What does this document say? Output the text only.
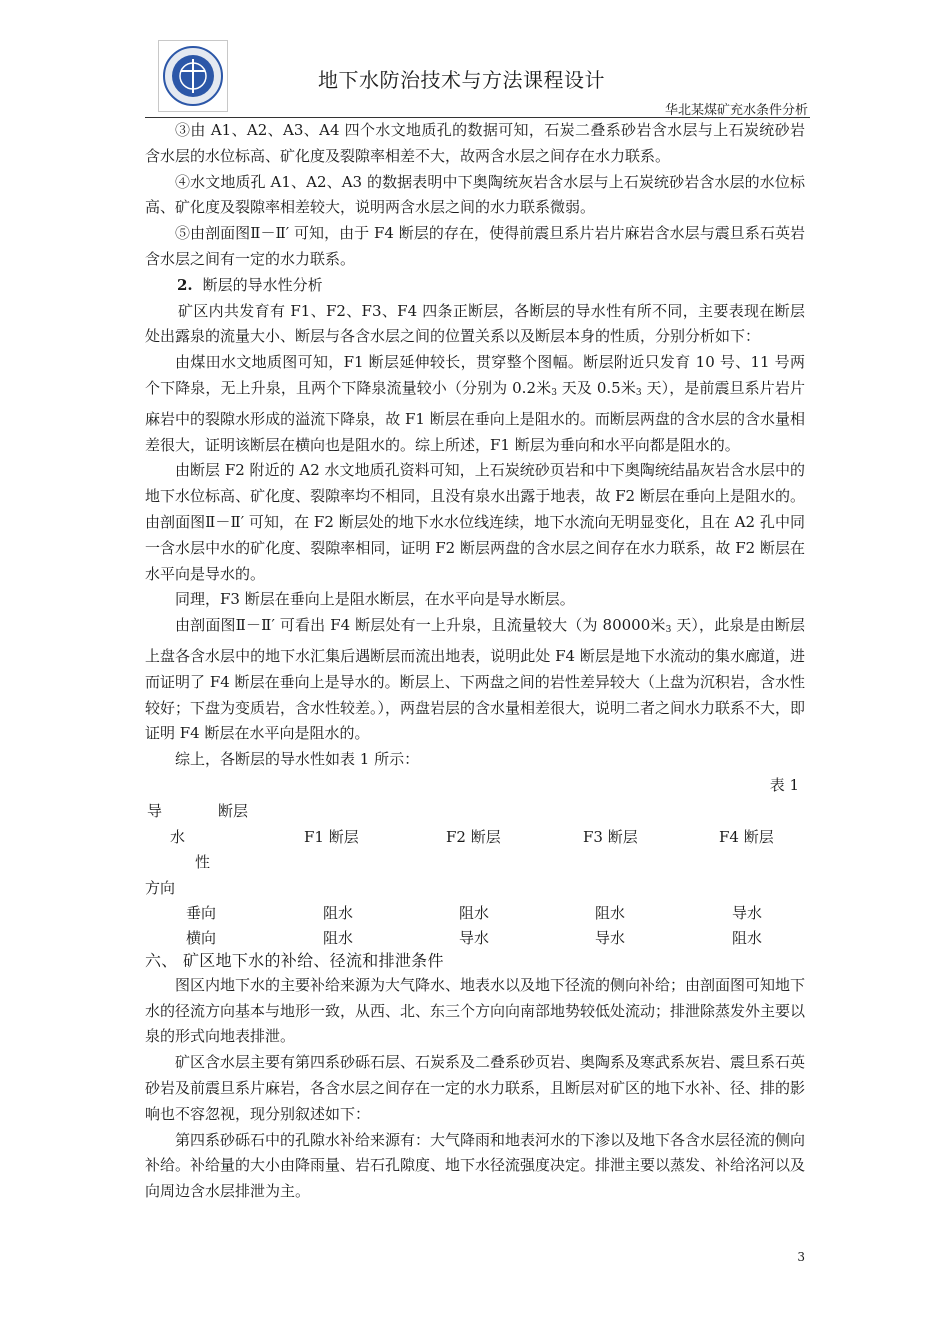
地下水防治技术与方法课程设计
华北某煤矿充水条件分析

③由 A1、A2、A3、A4 四个水文地质孔的数据可知，石炭二叠系砂岩含水层与上石炭统砂岩含水层的水位标高、矿化度及裂隙率相差不大，故两含水层之间存在水力联系。

④水文地质孔 A1、A2、A3 的数据表明中下奥陶统灰岩含水层与上石炭统砂岩含水层的水位标高、矿化度及裂隙率相差较大，说明两含水层之间的水力联系微弱。

⑤由剖面图Ⅱ－Ⅱ′ 可知，由于 F4 断层的存在，使得前震旦系片岩片麻岩含水层与震旦系石英岩含水层之间有一定的水力联系。

2. 断层的导水性分析

矿区内共发育有 F1、F2、F3、F4 四条正断层，各断层的导水性有所不同，主要表现在断层处出露泉的流量大小、断层与各含水层之间的位置关系以及断层本身的性质，分别分析如下：

由煤田水文地质图可知，F1 断层延伸较长，贯穿整个图幅。断层附近只发育 10 号、11 号两个下降泉，无上升泉，且两个下降泉流量较小（分别为 0.2米$_3$ 天及 0.5米$_3$ 天），是前震旦系片岩片麻岩中的裂隙水形成的溢流下降泉，故 F1 断层在垂向上是阻水的。而断层两盘的含水层的含水量相差很大，证明该断层在横向也是阻水的。综上所述，F1 断层为垂向和水平向都是阻水的。

由断层 F2 附近的 A2 水文地质孔资料可知，上石炭统砂页岩和中下奥陶统结晶灰岩含水层中的地下水位标高、矿化度、裂隙率均不相同，且没有泉水出露于地表，故 F2 断层在垂向上是阻水的。由剖面图Ⅱ－Ⅱ′ 可知，在 F2 断层处的地下水水位线连续，地下水流向无明显变化，且在 A2 孔中同一含水层中水的矿化度、裂隙率相同，证明 F2 断层两盘的含水层之间存在水力联系，故 F2 断层在水平向是导水的。

同理，F3 断层在垂向上是阻水断层，在水平向是导水断层。

由剖面图Ⅱ－Ⅱ′ 可看出 F4 断层处有一上升泉，且流量较大（为 80000米$_3$ 天），此泉是由断层上盘各含水层中的地下水汇集后遇断层而流出地表，说明此处 F4 断层是地下水流动的集水廊道，进而证明了 F4 断层在垂向上是导水的。断层上、下两盘之间的岩性差异较大（上盘为沉积岩，含水性较好；下盘为变质岩，含水性较差。），两盘岩层的含水量相差很大，说明二者之间水力联系不大，即证明 F4 断层在水平向是阻水的。

综上，各断层的导水性如表 1 所示：

表 1

导	断层
水
性
方向
F1 断层	F2 断层	F3 断层	F4 断层
垂向	阻水	阻水	阻水	导水
横向	阻水	导水	导水	阻水

六、 矿区地下水的补给、径流和排泄条件

图区内地下水的主要补给来源为大气降水、地表水以及地下径流的侧向补给；由剖面图可知地下水的径流方向基本与地形一致，从西、北、东三个方向向南部地势较低处流动；排泄除蒸发外主要以泉的形式向地表排泄。

矿区含水层主要有第四系砂砾石层、石炭系及二叠系砂页岩、奥陶系及寒武系灰岩、震旦系石英砂岩及前震旦系片麻岩，各含水层之间存在一定的水力联系，且断层对矿区的地下水补、径、排的影响也不容忽视，现分别叙述如下：

第四系砂砾石中的孔隙水补给来源有：大气降雨和地表河水的下渗以及地下各含水层径流的侧向补给。补给量的大小由降雨量、岩石孔隙度、地下水径流强度决定。排泄主要以蒸发、补给洺河以及向周边含水层排泄为主。

3
